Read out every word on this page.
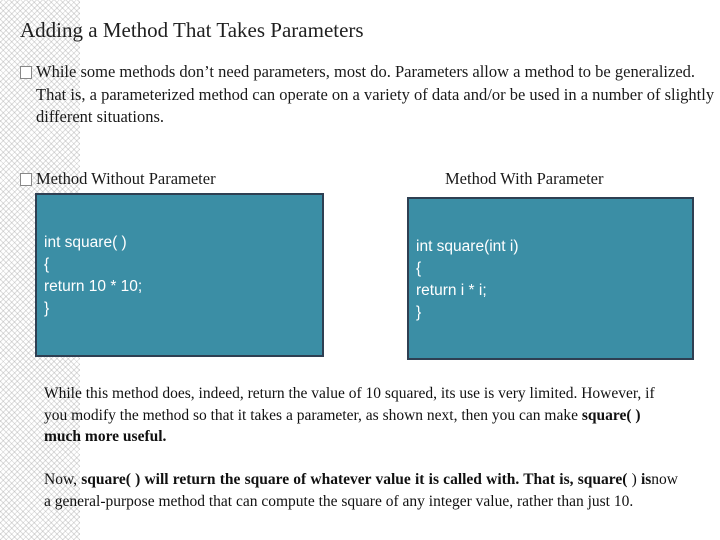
Adding a Method That Takes Parameters
While some methods don’t need parameters, most do. Parameters allow a method to be generalized. That is, a parameterized method can operate on a variety of data and/or be used in a number of slightly different situations.
Method Without Parameter	Method With Parameter
int square( )
{
return 10 * 10;
}
int square(int i)
{
return i * i;
}
While this method does, indeed, return the value of 10 squared, its use is very limited. However, if you modify the method so that it takes a parameter, as shown next, then you can make square( ) much more useful.
Now, square( ) will return the square of whatever value it is called with. That is, square( ) isnow a general-purpose method that can compute the square of any integer value, rather than just 10.
